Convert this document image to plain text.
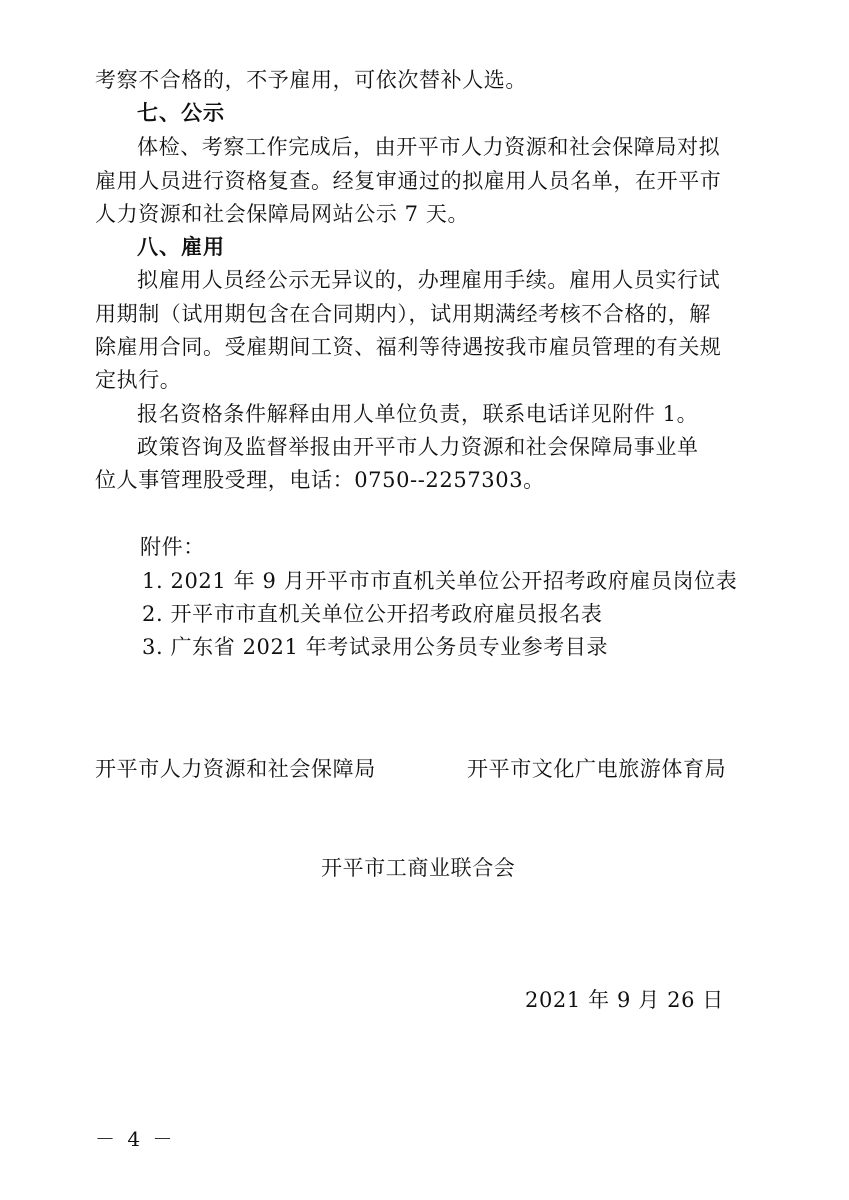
考察不合格的，不予雇用，可依次替补人选。
七、公示
体检、考察工作完成后，由开平市人力资源和社会保障局对拟
雇用人员进行资格复查。经复审通过的拟雇用人员名单，在开平市
人力资源和社会保障局网站公示 7 天。
八、雇用
拟雇用人员经公示无异议的，办理雇用手续。雇用人员实行试
用期制（试用期包含在合同期内），试用期满经考核不合格的，解
除雇用合同。受雇期间工资、福利等待遇按我市雇员管理的有关规
定执行。
报名资格条件解释由用人单位负责，联系电话详见附件 1。
政策咨询及监督举报由开平市人力资源和社会保障局事业单
位人事管理股受理，电话：0750--2257303。
附件：
1. 2021 年 9 月开平市市直机关单位公开招考政府雇员岗位表
2. 开平市市直机关单位公开招考政府雇员报名表
3. 广东省 2021 年考试录用公务员专业参考目录
开平市人力资源和社会保障局	开平市文化广电旅游体育局
开平市工商业联合会
2021 年 9 月 26 日
－ 4 －
